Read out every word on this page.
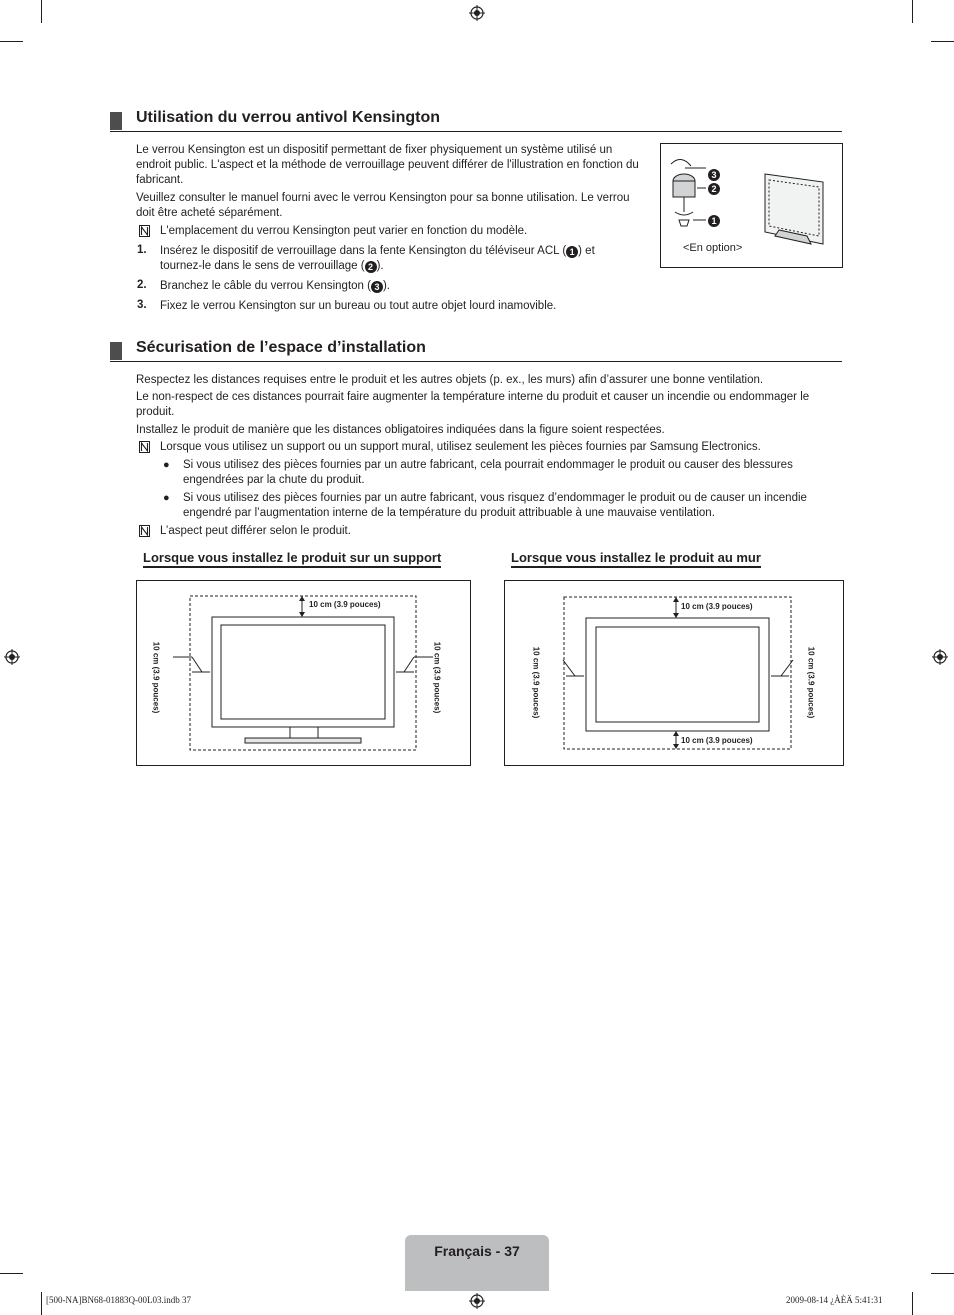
Utilisation du verrou antivol Kensington
Le verrou Kensington est un dispositif permettant de fixer physiquement un système utilisé un endroit public. L'aspect et la méthode de verrouillage peuvent différer de l'illustration en fonction du fabricant.
Veuillez consulter le manuel fourni avec le verrou Kensington pour sa bonne utilisation. Le verrou doit être acheté séparément.
L'emplacement du verrou Kensington peut varier en fonction du modèle.
1. Insérez le dispositif de verrouillage dans la fente Kensington du téléviseur ACL ( 1 ) et tournez-le dans le sens de verrouillage ( 2 ).
2. Branchez le câble du verrou Kensington ( 3 ).
3. Fixez le verrou Kensington sur un bureau ou tout autre objet lourd inamovible.
3
2
1
<En option>
Sécurisation de l’espace d’installation
Respectez les distances requises entre le produit et les autres objets (p. ex., les murs) afin d’assurer une bonne ventilation.
Le non-respect de ces distances pourrait faire augmenter la température interne du produit et causer un incendie ou endommager le produit.
Installez le produit de manière que les distances obligatoires indiquées dans la figure soient respectées.
Lorsque vous utilisez un support ou un support mural, utilisez seulement les pièces fournies par Samsung Electronics.
● Si vous utilisez des pièces fournies par un autre fabricant, cela pourrait endommager le produit ou causer des blessures engendrées par la chute du produit.
● Si vous utilisez des pièces fournies par un autre fabricant, vous risquez d’endommager le produit ou de causer un incendie engendré par l’augmentation interne de la température du produit attribuable à une mauvaise ventilation.
L’aspect peut différer selon le produit.
Lorsque vous installez le produit sur un support	Lorsque vous installez le produit au mur
10 cm (3.9 pouces)
10 cm (3.9 pouces)	10 cm (3.9 pouces)
10 cm (3.9 pouces)
10 cm (3.9 pouces)
10 cm (3.9 pouces)	10 cm (3.9 pouces)
Français - 37
[500-NA]BN68-01883Q-00L03.indb 37	2009-08-14 ¿ÀÈÄ 5:41:31
